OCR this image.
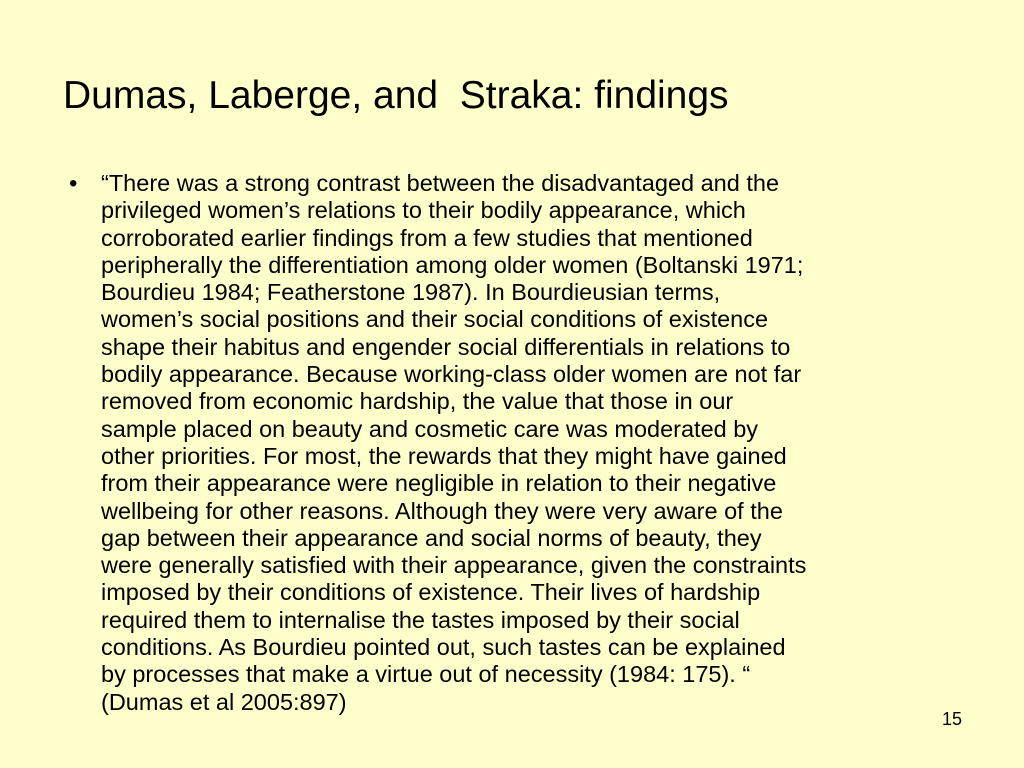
Dumas, Laberge, and  Straka: findings
•	“There was a strong contrast between the disadvantaged and the
privileged women’s relations to their bodily appearance, which
corroborated earlier findings from a few studies that mentioned
peripherally the differentiation among older women (Boltanski 1971;
Bourdieu 1984; Featherstone 1987). In Bourdieusian terms,
women’s social positions and their social conditions of existence
shape their habitus and engender social differentials in relations to
bodily appearance. Because working-class older women are not far
removed from economic hardship, the value that those in our
sample placed on beauty and cosmetic care was moderated by
other priorities. For most, the rewards that they might have gained
from their appearance were negligible in relation to their negative
wellbeing for other reasons. Although they were very aware of the
gap between their appearance and social norms of beauty, they
were generally satisfied with their appearance, given the constraints
imposed by their conditions of existence. Their lives of hardship
required them to internalise the tastes imposed by their social
conditions. As Bourdieu pointed out, such tastes can be explained
by processes that make a virtue out of necessity (1984: 175). “
(Dumas et al 2005:897)
15
